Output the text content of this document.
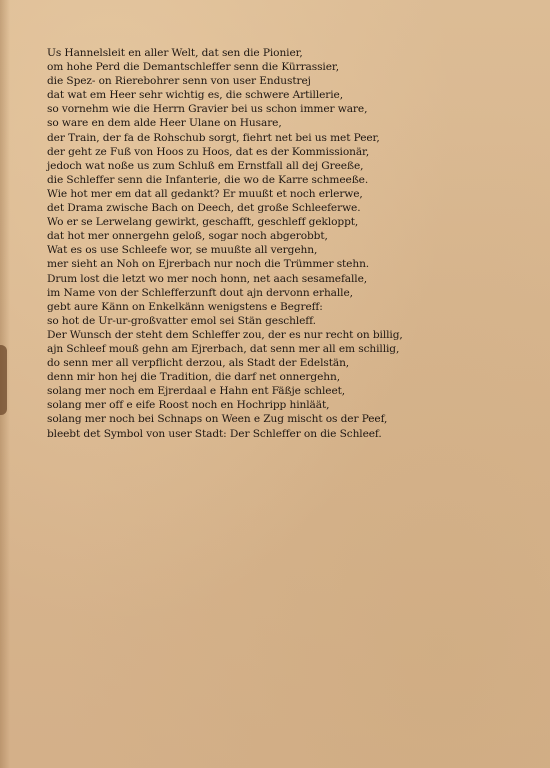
Us Hannelsleit en aller Welt, dat sen die Pionier,
om hohe Perd die Demantschleffer senn die Kürrassier,
die Spez- on Rierebohrer senn von user Endustrej
dat wat em Heer sehr wichtig es, die schwere Artillerie,
so vornehm wie die Herrn Gravier bei us schon immer ware,
so ware en dem alde Heer Ulane on Husare,
der Train, der fa de Rohschub sorgt, fiehrt net bei us met Peer,
der geht ze Fuß von Hoos zu Hoos, dat es der Kommissionär,
jedoch wat noße us zum Schluß em Ernstfall all dej Greeße,
die Schleffer senn die Infanterie, die wo de Karre schmeeße.
Wie hot mer em dat all gedankt? Er muußt et noch erlerwe,
det Drama zwische Bach on Deech, det große Schleeferwe.
Wo er se Lerwelang gewirkt, geschafft, geschleff gekloppt,
dat hot mer onnergehn geloß, sogar noch abgerobbt,
Wat es os use Schleefe wor, se muußte all vergehn,
mer sieht an Noh on Ejrerbach nur noch die Trümmer stehn.
Drum lost die letzt wo mer noch honn, net aach sesamefalle,
im Name von der Schlefferzunft dout ajn dervonn erhalle,
gebt aure Känn on Enkelkänn wenigstens e Begreff:
so hot de Ur-ur-großvatter emol sei Stän geschleff.
Der Wunsch der steht dem Schleffer zou, der es nur recht on billig,
ajn Schleef mouß gehn am Ejrerbach, dat senn mer all em schillig,
do senn mer all verpflicht derzou, als Stadt der Edelstän,
denn mir hon hej die Tradition, die darf net onnergehn,
solang mer noch em Ejrerdaal e Hahn ent Fäßje schleet,
solang mer off e eife Roost noch en Hochripp hinläät,
solang mer noch bei Schnaps on Ween e Zug mischt os der Peef,
bleebt det Symbol von user Stadt: Der Schleffer on die Schleef.
